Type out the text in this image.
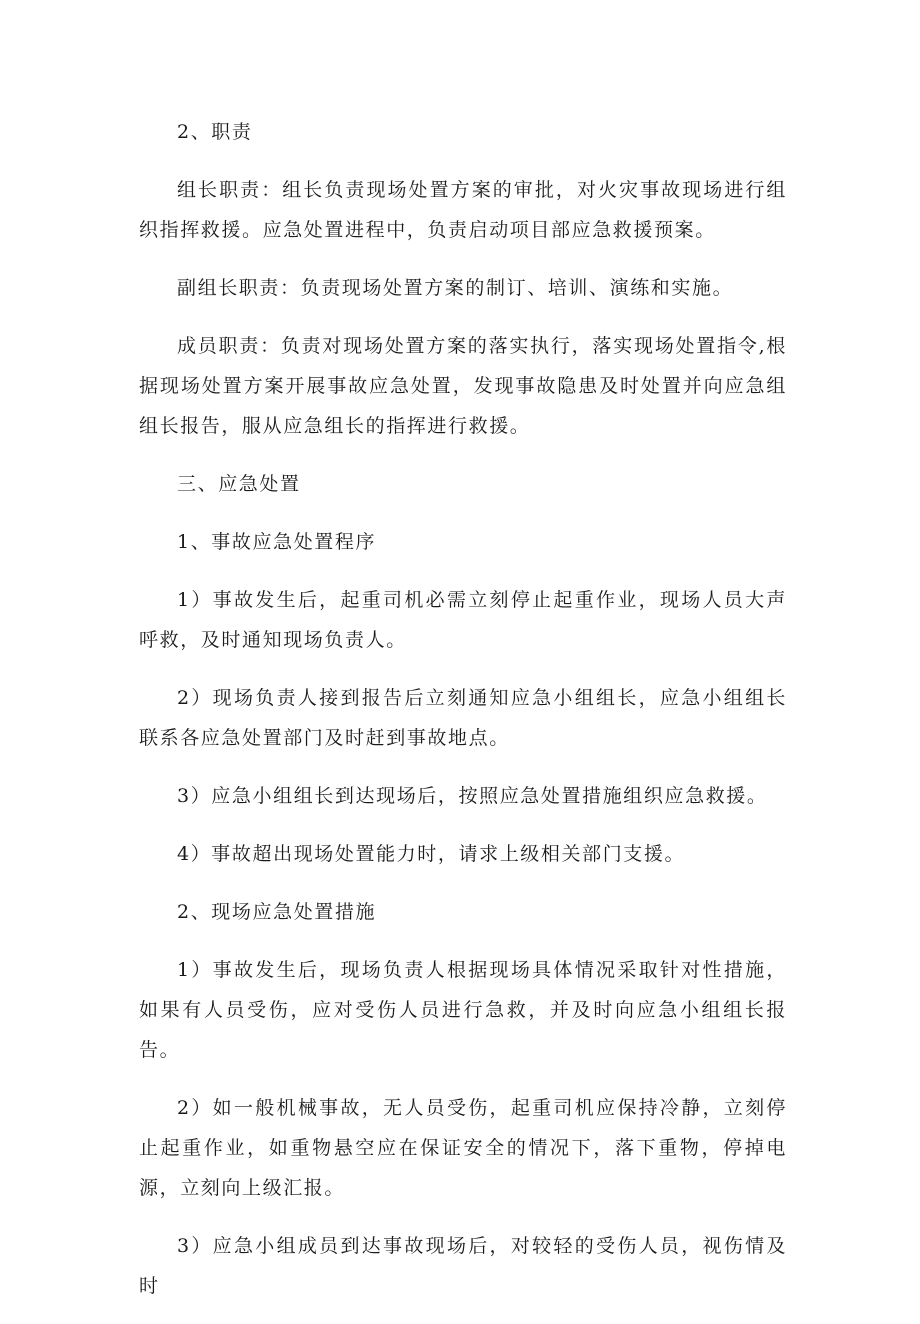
2、职责

组长职责：组长负责现场处置方案的审批，对火灾事故现场进行组织指挥救援。应急处置进程中，负责启动项目部应急救援预案。

副组长职责：负责现场处置方案的制订、培训、演练和实施。

成员职责：负责对现场处置方案的落实执行，落实现场处置指令,根据现场处置方案开展事故应急处置，发现事故隐患及时处置并向应急组组长报告，服从应急组长的指挥进行救援。

三、应急处置

1、事故应急处置程序

1）事故发生后，起重司机必需立刻停止起重作业，现场人员大声呼救，及时通知现场负责人。

2）现场负责人接到报告后立刻通知应急小组组长，应急小组组长联系各应急处置部门及时赶到事故地点。

3）应急小组组长到达现场后，按照应急处置措施组织应急救援。

4）事故超出现场处置能力时，请求上级相关部门支援。

2、现场应急处置措施

1）事故发生后，现场负责人根据现场具体情况采取针对性措施，如果有人员受伤，应对受伤人员进行急救，并及时向应急小组组长报告。

2）如一般机械事故，无人员受伤，起重司机应保持冷静，立刻停止起重作业，如重物悬空应在保证安全的情况下，落下重物，停掉电源，立刻向上级汇报。

3）应急小组成员到达事故现场后，对较轻的受伤人员，视伤情及时
